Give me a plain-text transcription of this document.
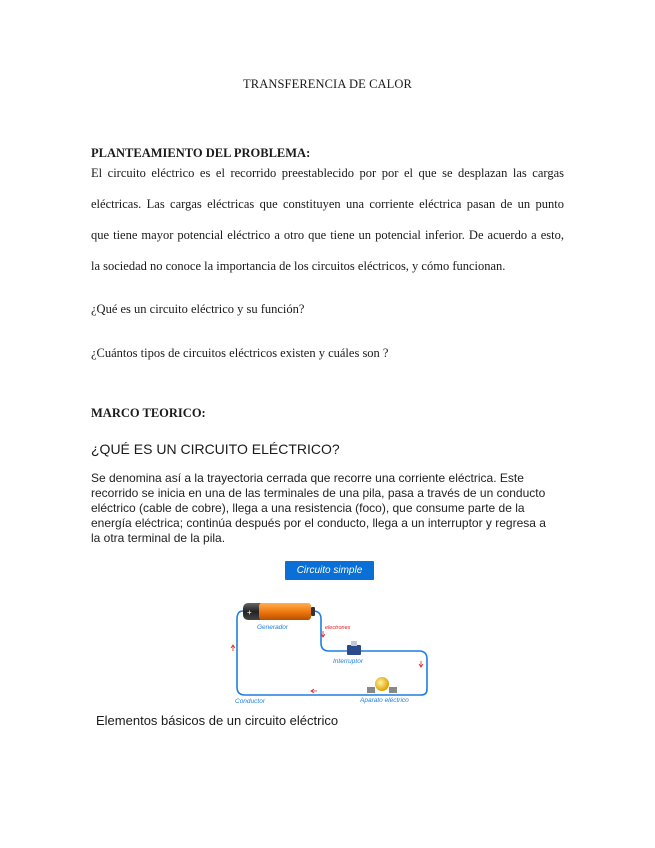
TRANSFERENCIA DE CALOR
PLANTEAMIENTO DEL PROBLEMA:
El circuito eléctrico es el recorrido preestablecido por por el que se desplazan las cargas
eléctricas. Las cargas eléctricas que constituyen una corriente eléctrica pasan de un punto
que tiene mayor potencial eléctrico a otro que tiene un potencial inferior. De acuerdo a esto,
la sociedad no conoce la importancia de los circuitos eléctricos, y cómo funcionan.
¿Qué es un circuito eléctrico y su función?
¿Cuántos tipos de circuitos eléctricos existen y cuáles son ?
MARCO TEORICO:
¿QUÉ ES UN CIRCUITO ELÉCTRICO?
Se denomina así a la trayectoria cerrada que recorre una corriente eléctrica. Este
recorrido se inicia en una de las terminales de una pila, pasa a través de un conducto
eléctrico (cable de cobre), llega a una resistencia (foco), que consume parte de la
energía eléctrica; continúa después por el conducto, llega a un interruptor y regresa a
la otra terminal de la pila.
Circuito simple
+
Generador	electrones
Interruptor
Aparato eléctrico
Conductor
Elementos básicos de un circuito eléctrico
